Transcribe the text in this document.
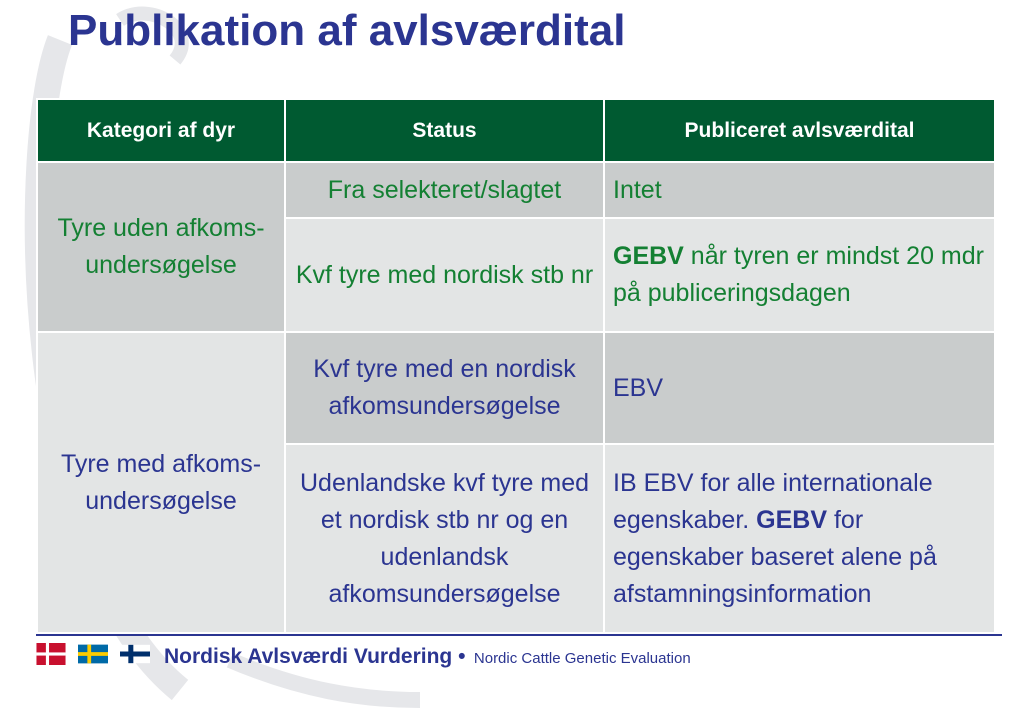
Publikation af avlsværdital
Kategori af dyr	Status	Publiceret avlsværdital
Tyre uden afkoms-undersøgelse	Fra selekteret/slagtet	Intet
	Kvf tyre med nordisk stb nr	GEBV når tyren er mindst 20 mdr på publiceringsdagen
Tyre med afkoms-undersøgelse	Kvf tyre med en nordisk afkomsundersøgelse	EBV
	Udenlandske kvf tyre med et nordisk stb nr og en udenlandsk afkomsundersøgelse	IB EBV for alle internationale egenskaber. GEBV for egenskaber baseret alene på afstamningsinformation
Nordisk Avlsværdi Vurdering • Nordic Cattle Genetic Evaluation
